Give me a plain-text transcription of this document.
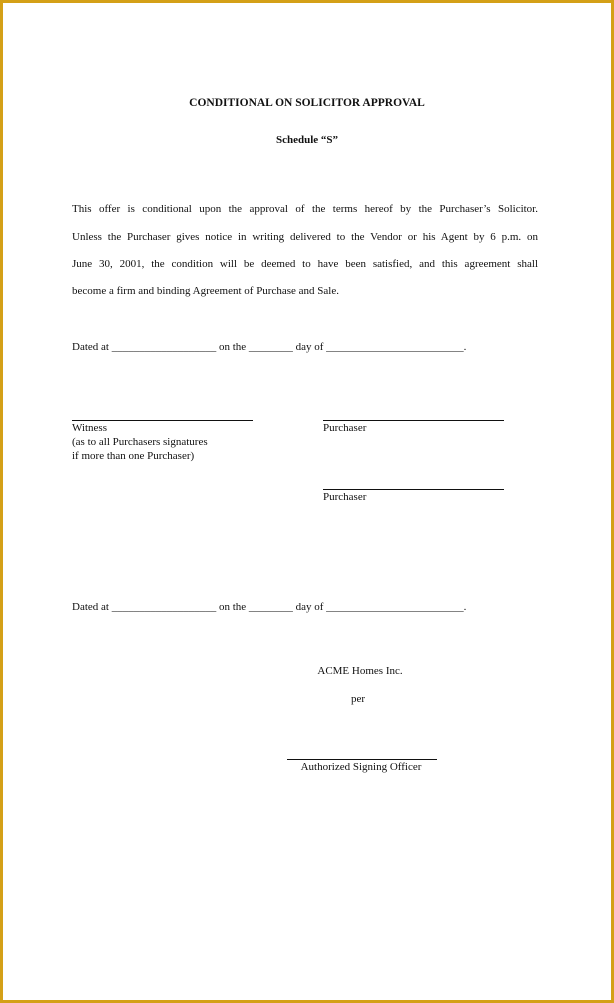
CONDITIONAL ON SOLICITOR APPROVAL
Schedule “S”
This offer is conditional upon the approval of the terms hereof by the Purchaser’s Solicitor.
Unless the Purchaser gives notice in writing delivered to the Vendor or his Agent by 6 p.m. on
June 30, 2001, the condition will be deemed to have been satisfied, and this agreement shall
become a firm and binding Agreement of Purchase and Sale.
Dated at ___________________ on the ________ day of _________________________.
Witness
(as to all Purchasers signatures
if more than one Purchaser)
Purchaser
Purchaser
Dated at ___________________ on the ________ day of _________________________.
ACME Homes Inc.
per
Authorized Signing Officer
